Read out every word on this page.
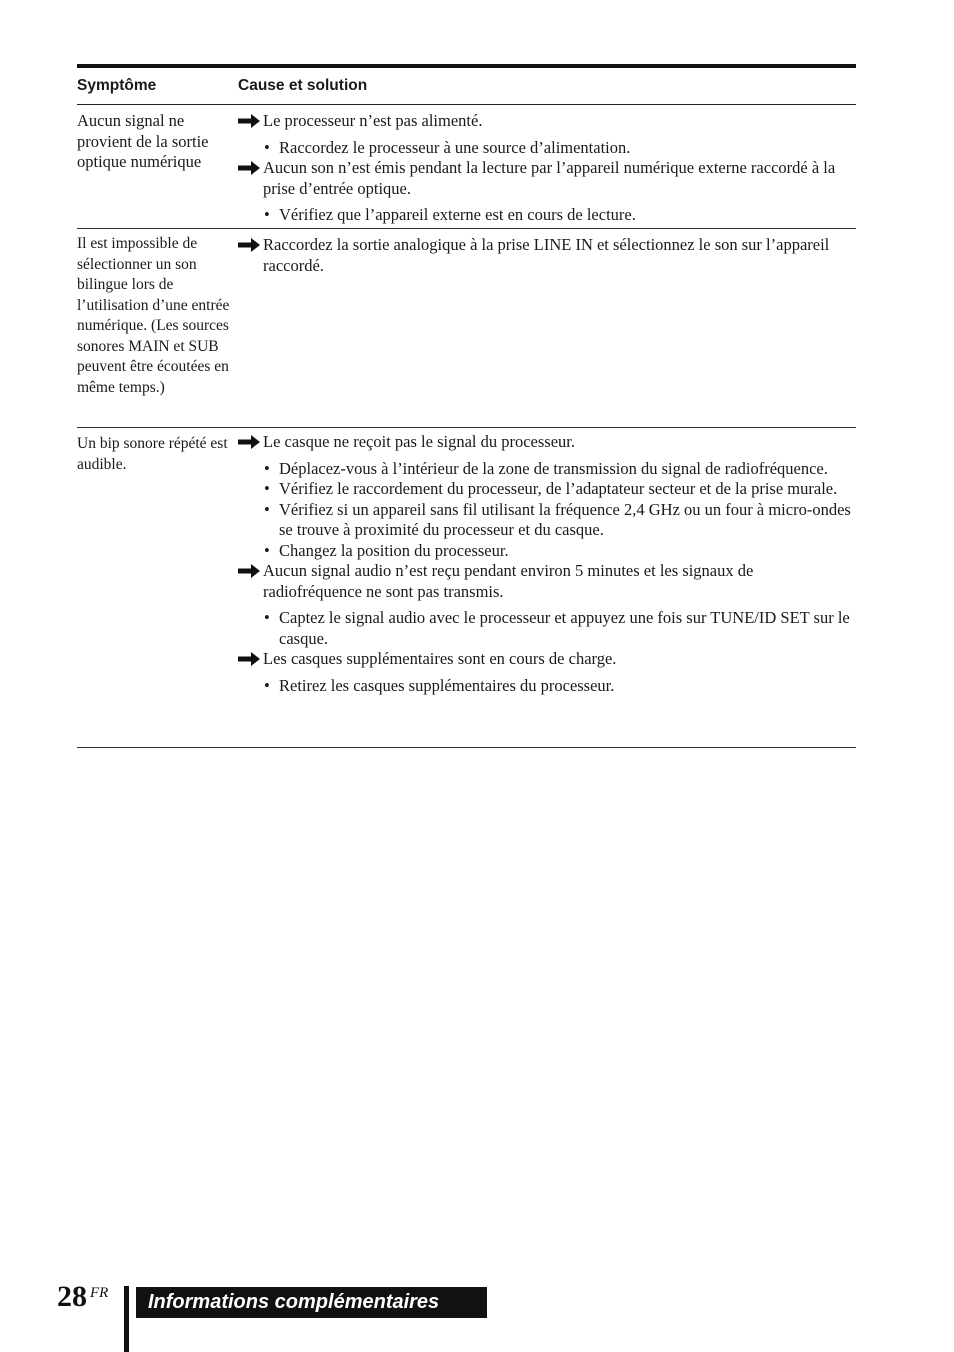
Symptôme	Cause et solution
Aucun signal ne provient de la sortie optique numérique

Le processeur n’est pas alimenté.

• Raccordez le processeur à une source d’alimentation.

Aucun son n’est émis pendant la lecture par l’appareil numérique externe raccordé à la prise d’entrée optique.

• Vérifiez que l’appareil externe est en cours de lecture.

Il est impossible de sélectionner un son bilingue lors de l’utilisation d’une entrée numérique. (Les sources sonores MAIN et SUB peuvent être écoutées en même temps.)

Raccordez la sortie analogique à la prise LINE IN et sélectionnez le son sur l’appareil raccordé.

Un bip sonore répété est audible.

Le casque ne reçoit pas le signal du processeur.

• Déplacez-vous à l’intérieur de la zone de transmission du signal de radiofréquence.

• Vérifiez le raccordement du processeur, de l’adaptateur secteur et de la prise murale.

• Vérifiez si un appareil sans fil utilisant la fréquence 2,4 GHz ou un four à micro-ondes se trouve à proximité du processeur et du casque.

• Changez la position du processeur.

Aucun signal audio n’est reçu pendant environ 5 minutes et les signaux de radiofréquence ne sont pas transmis.

• Captez le signal audio avec le processeur et appuyez une fois sur TUNE/ID SET sur le casque.

Les casques supplémentaires sont en cours de charge.

• Retirez les casques supplémentaires du processeur.

28 FR	Informations complémentaires
